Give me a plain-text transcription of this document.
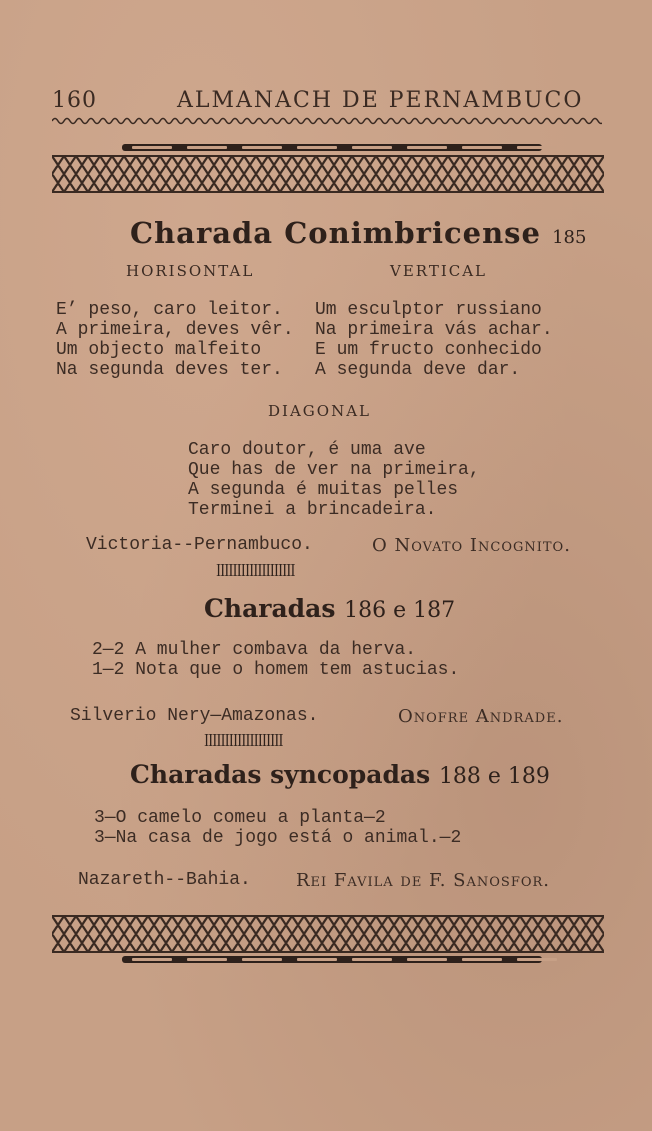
160	ALMANACH DE PERNAMBUCO
Charada Conimbricense 185
HORISONTAL	VERTICAL
E’ peso, caro leitor.
A primeira, deves vêr.
Um objecto malfeito
Na segunda deves ter.
Um esculptor russiano
Na primeira vás achar.
E um fructo conhecido
A segunda deve dar.
DIAGONAL
Caro doutor, é uma ave
Que has de ver na primeira,
A segunda é muitas pelles
Terminei a brincadeira.
Victoria--Pernambuco.	O Novato Incognito.
ꟾꟾꟾꟾꟾꟾꟾꟾꟾꟾꟾꟾꟾꟾꟾꟾꟾꟾꟾ
Charadas 186 e 187
2—2 A mulher combava da herva.
1—2 Nota que o homem tem astucias.
Silverio Nery—Amazonas.	Onofre Andrade.
ꟾꟾꟾꟾꟾꟾꟾꟾꟾꟾꟾꟾꟾꟾꟾꟾꟾꟾꟾ
Charadas syncopadas 188 e 189
3—O camelo comeu a planta—2
3—Na casa de jogo está o animal.—2
Nazareth--Bahia.	Rei Favila de F. Sanosfor.
